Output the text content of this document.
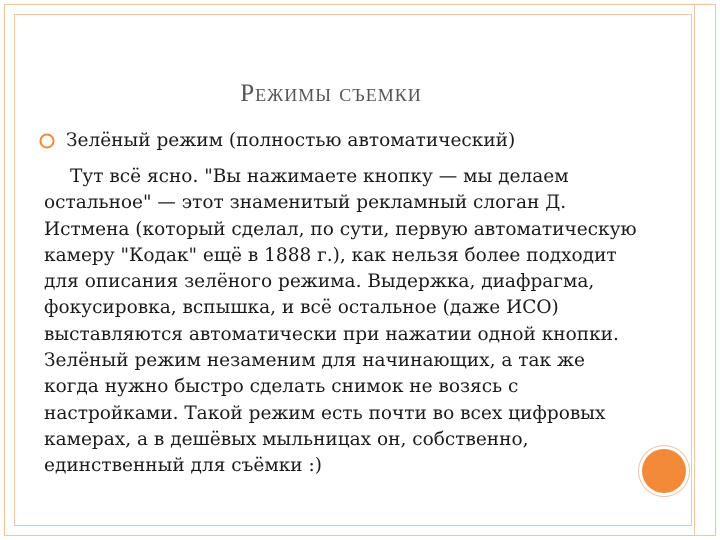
Режимы съемки
Зелёный режим (полностью автоматический)

Тут всё ясно. "Вы нажимаете кнопку — мы делаем остальное" — этот знаменитый рекламный слоган Д. Истмена (который сделал, по сути, первую автоматическую камеру "Кодак" ещё в 1888 г.), как нельзя более подходит для описания зелёного режима. Выдержка, диафрагма, фокусировка, вспышка, и всё остальное (даже ИСО) выставляются автоматически при нажатии одной кнопки. Зелёный режим незаменим для начинающих, а так же когда нужно быстро сделать снимок не возясь с настройками. Такой режим есть почти во всех цифровых камерах, а в дешёвых мыльницах он, собственно, единственный для съёмки :)
